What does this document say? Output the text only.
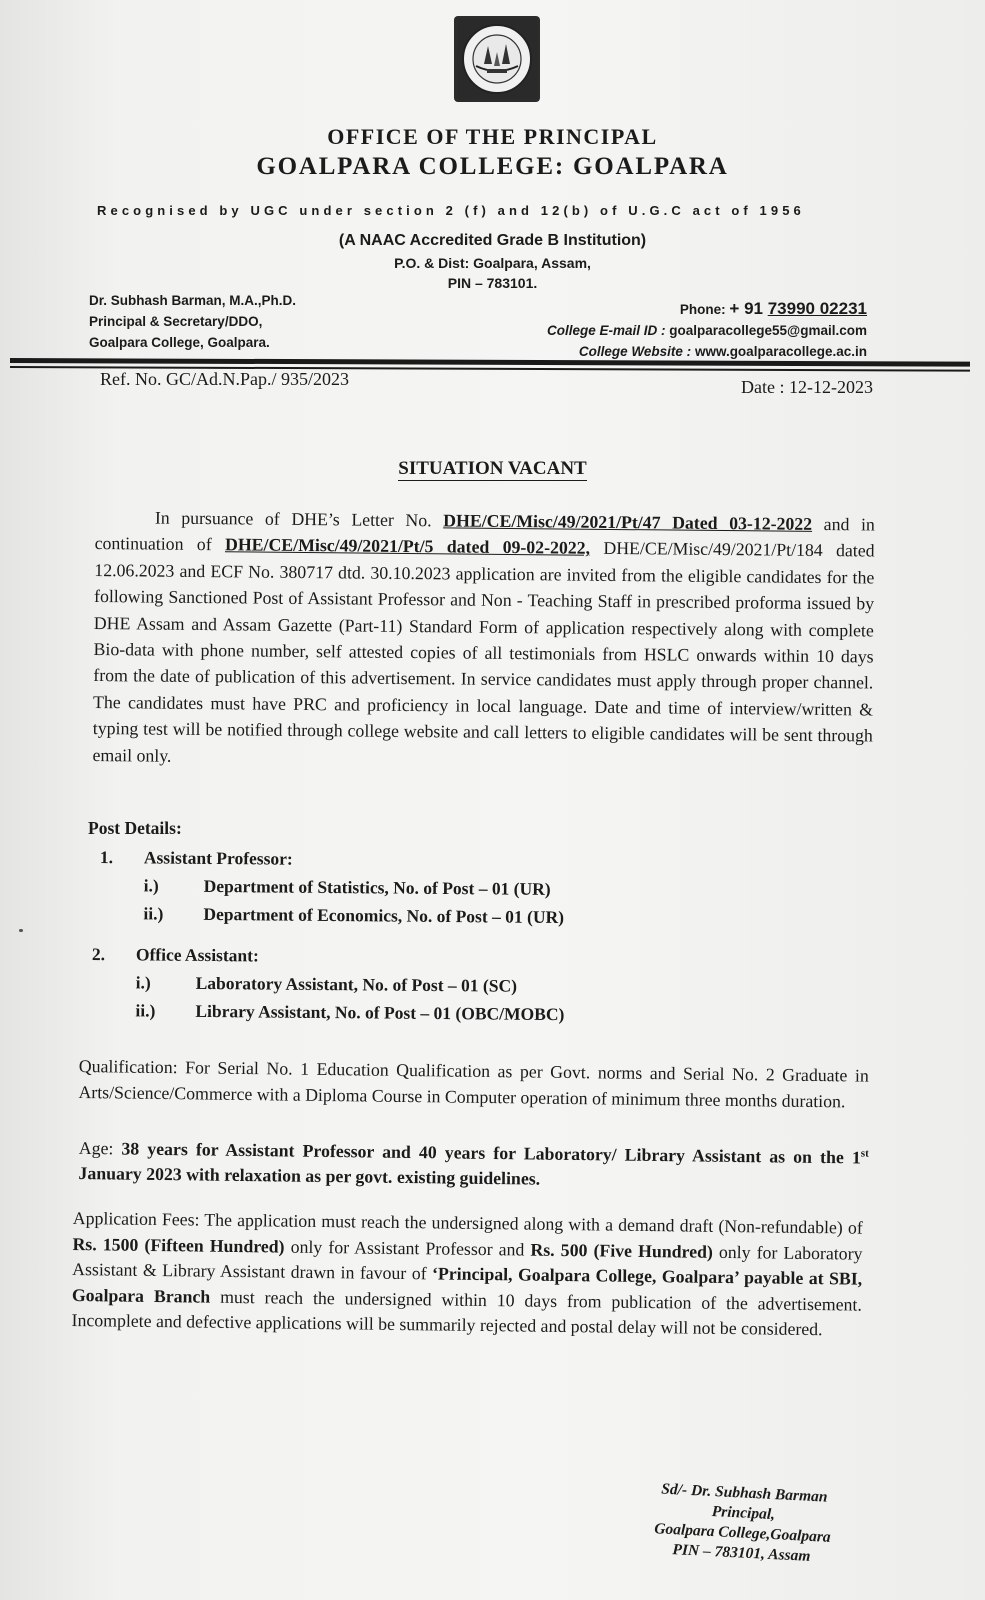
OFFICE OF THE PRINCIPAL
GOALPARA COLLEGE: GOALPARA
Recognised by UGC under section 2 (f) and 12(b) of U.G.C act of 1956
(A NAAC Accredited Grade B Institution)
P.O. & Dist: Goalpara, Assam,
PIN – 783101.
Dr. Subhash Barman, M.A.,Ph.D.
Principal & Secretary/DDO,
Goalpara College, Goalpara.
Phone: + 91 73990 02231
College E-mail ID : goalparacollege55@gmail.com
College Website : www.goalparacollege.ac.in
Ref. No. GC/Ad.N.Pap./ 935/2023	Date : 12-12-2023
SITUATION VACANT

In pursuance of DHE’s Letter No. DHE/CE/Misc/49/2021/Pt/47 Dated 03-12-2022 and in continuation of DHE/CE/Misc/49/2021/Pt/5 dated 09-02-2022, DHE/CE/Misc/49/2021/Pt/184 dated 12.06.2023 and ECF No. 380717 dtd. 30.10.2023 application are invited from the eligible candidates for the following Sanctioned Post of Assistant Professor and Non - Teaching Staff in prescribed proforma issued by DHE Assam and Assam Gazette (Part-11) Standard Form of application respectively along with complete Bio-data with phone number, self attested copies of all testimonials from HSLC onwards within 10 days from the date of publication of this advertisement. In service candidates must apply through proper channel. The candidates must have PRC and proficiency in local language. Date and time of interview/written & typing test will be notified through college website and call letters to eligible candidates will be sent through email only.

Post Details:
1. Assistant Professor:
i.)	Department of Statistics, No. of Post – 01 (UR)
ii.) Department of Economics, No. of Post – 01 (UR)
2. Office Assistant:
i.)	Laboratory Assistant, No. of Post – 01 (SC)
ii.) Library Assistant, No. of Post – 01 (OBC/MOBC)

Qualification: For Serial No. 1 Education Qualification as per Govt. norms and Serial No. 2 Graduate in Arts/Science/Commerce with a Diploma Course in Computer operation of minimum three months duration.

Age: 38 years for Assistant Professor and 40 years for Laboratory/ Library Assistant as on the 1st January 2023 with relaxation as per govt. existing guidelines.

Application Fees: The application must reach the undersigned along with a demand draft (Non-refundable) of Rs. 1500 (Fifteen Hundred) only for Assistant Professor and Rs. 500 (Five Hundred) only for Laboratory Assistant & Library Assistant drawn in favour of ‘Principal, Goalpara College, Goalpara’ payable at SBI, Goalpara Branch must reach the undersigned within 10 days from publication of the advertisement. Incomplete and defective applications will be summarily rejected and postal delay will not be considered.

Sd/- Dr. Subhash Barman
Principal,
Goalpara College,Goalpara
PIN – 783101, Assam
